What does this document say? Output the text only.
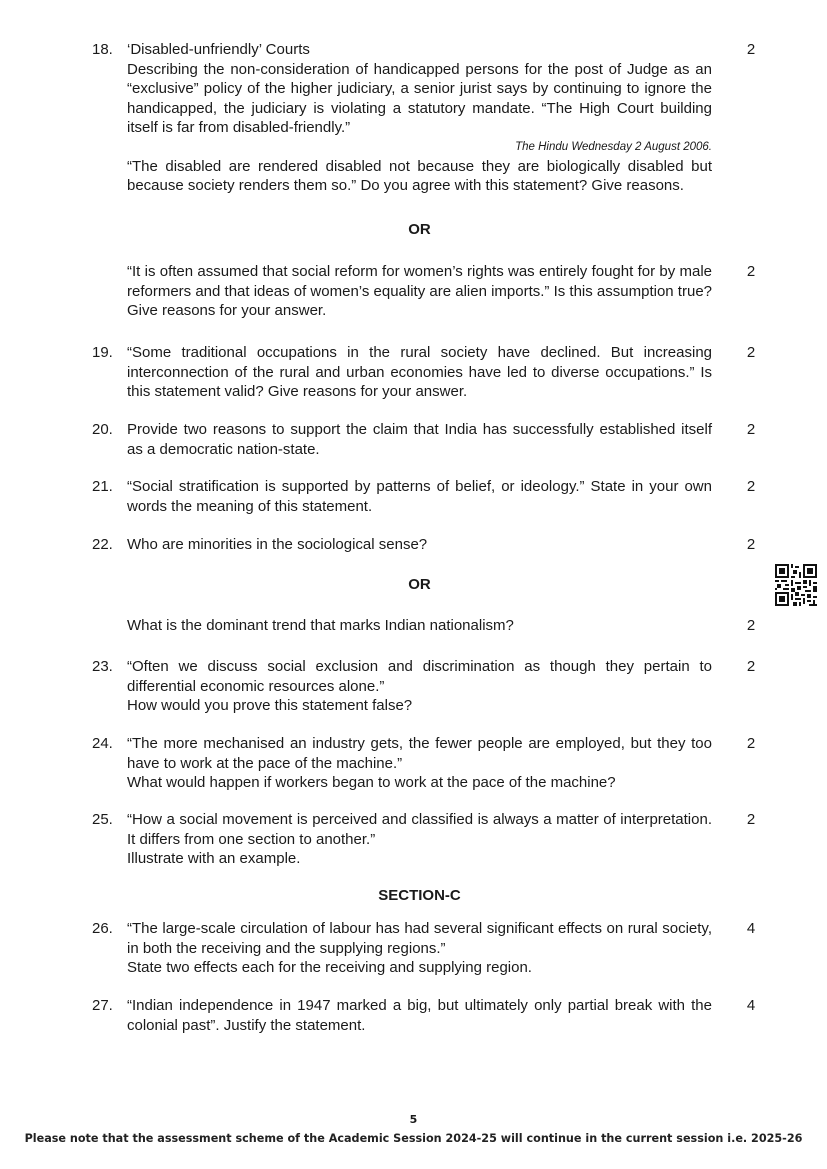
18. ‘Disabled-unfriendly’ Courts

Describing the non-consideration of handicapped persons for the post of Judge as an “exclusive” policy of the higher judiciary, a senior jurist says by continuing to ignore the handicapped, the judiciary is violating a statutory mandate. “The High Court building itself is far from disabled-friendly.”

The Hindu Wednesday 2 August 2006.

“The disabled are rendered disabled not because they are biologically disabled but because society renders them so.” Do you agree with this statement? Give reasons.

2
OR
“It is often assumed that social reform for women’s rights was entirely fought for by male reformers and that ideas of women’s equality are alien imports.” Is this assumption true? Give reasons for your answer.
2
19. “Some traditional occupations in the rural society have declined. But increasing interconnection of the rural and urban economies have led to diverse occupations.” Is this statement valid? Give reasons for your answer.
2
20. Provide two reasons to support the claim that India has successfully established itself as a democratic nation-state.
2
21. “Social stratification is supported by patterns of belief, or ideology.” State in your own words the meaning of this statement.
2
22. Who are minorities in the sociological sense?	2
OR
What is the dominant trend that marks Indian nationalism?	2
23. “Often we discuss social exclusion and discrimination as though they pertain to differential economic resources alone.”

How would you prove this statement false?

2
24. “The more mechanised an industry gets, the fewer people are employed, but they too have to work at the pace of the machine.”

What would happen if workers began to work at the pace of the machine?

2
25. “How a social movement is perceived and classified is always a matter of interpretation. It differs from one section to another.”

Illustrate with an example.

2
SECTION-C
26. “The large-scale circulation of labour has had several significant effects on rural society, in both the receiving and the supplying regions.”

State two effects each for the receiving and supplying region.

4
27. “Indian independence in 1947 marked a big, but ultimately only partial break with the colonial past”. Justify the statement.
4
5
Please note that the assessment scheme of the Academic Session 2024-25 will continue in the current session i.e. 2025-26
